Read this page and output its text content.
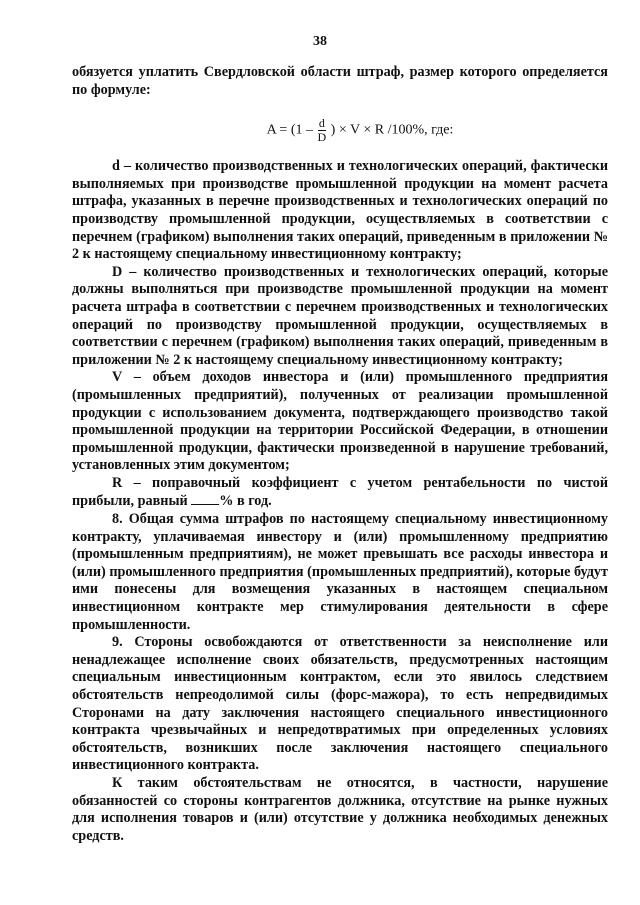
38

обязуется уплатить Свердловской области штраф, размер которого определяется по формуле:

$A = (1 - \frac{d}{D}$ ) × V × R /100%, где:

d – количество производственных и технологических операций, фактически выполняемых при производстве промышленной продукции на момент расчета штрафа, указанных в перечне производственных и технологических операций по производству промышленной продукции, осуществляемых в соответствии с перечнем (графиком) выполнения таких операций, приведенным в приложении № 2 к настоящему специальному инвестиционному контракту;

D – количество производственных и технологических операций, которые должны выполняться при производстве промышленной продукции на момент расчета штрафа в соответствии с перечнем производственных и технологических операций по производству промышленной продукции, осуществляемых в соответствии с перечнем (графиком) выполнения таких операций, приведенным в приложении № 2 к настоящему специальному инвестиционному контракту;

V – объем доходов инвестора и (или) промышленного предприятия (промышленных предприятий), полученных от реализации промышленной продукции с использованием документа, подтверждающего производство такой промышленной продукции на территории Российской Федерации, в отношении промышленной продукции, фактически произведенной в нарушение требований, установленных этим документом;

R – поправочный коэффициент с учетом рентабельности по чистой прибыли, равный % в год.

8. Общая сумма штрафов по настоящему специальному инвестиционному контракту, уплачиваемая инвестору и (или) промышленному предприятию (промышленным предприятиям), не может превышать все расходы инвестора и (или) промышленного предприятия (промышленных предприятий), которые будут ими понесены для возмещения указанных в настоящем специальном инвестиционном контракте мер стимулирования деятельности в сфере промышленности.

9. Стороны освобождаются от ответственности за неисполнение или ненадлежащее исполнение своих обязательств, предусмотренных настоящим специальным инвестиционным контрактом, если это явилось следствием обстоятельств непреодолимой силы (форс-мажора), то есть непредвидимых Сторонами на дату заключения настоящего специального инвестиционного контракта чрезвычайных и непредотвратимых при определенных условиях обстоятельств, возникших после заключения настоящего специального инвестиционного контракта.

К таким обстоятельствам не относятся, в частности, нарушение обязанностей со стороны контрагентов должника, отсутствие на рынке нужных для исполнения товаров и (или) отсутствие у должника необходимых денежных средств.
